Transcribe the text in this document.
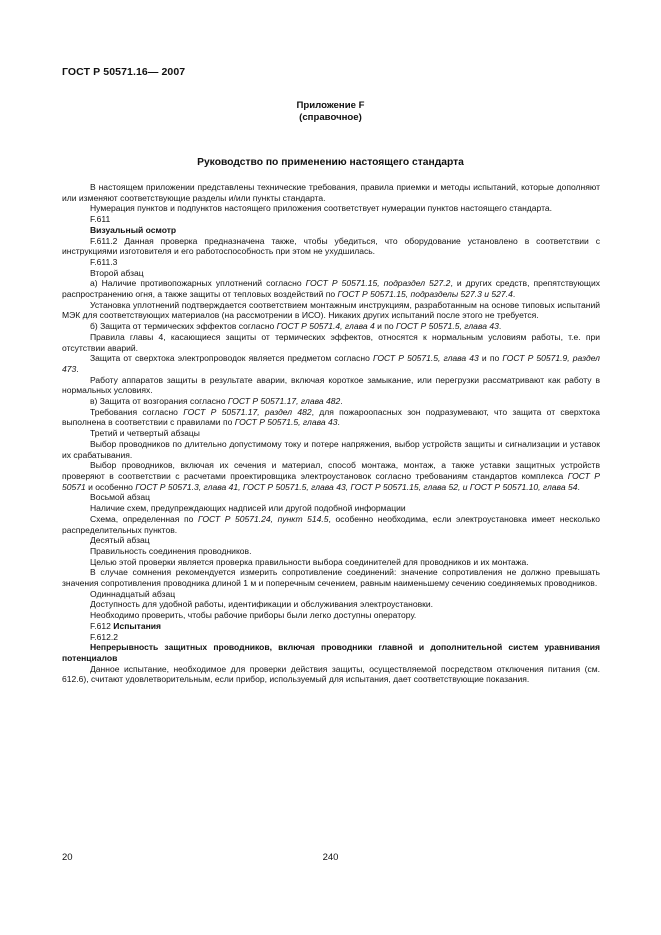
ГОСТ Р 50571.16— 2007
Приложение F
(справочное)
Руководство по применению настоящего стандарта

В настоящем приложении представлены технические требования, правила приемки и методы испытаний, которые дополняют или изменяют соответствующие разделы и/или пункты стандарта.

Нумерация пунктов и подпунктов настоящего приложения соответствует нумерации пунктов настоящего стандарта.

F.611

Визуальный осмотр

F.611.2 Данная проверка предназначена также, чтобы убедиться, что оборудование установлено в соответствии с инструкциями изготовителя и его работоспособность при этом не ухудшилась.

F.611.3

Второй абзац

а) Наличие противопожарных уплотнений согласно ГОСТ Р 50571.15, подраздел 527.2, и других средств, препятствующих распространению огня, а также защиты от тепловых воздействий по ГОСТ Р 50571.15, подразделы 527.3 и 527.4.

Установка уплотнений подтверждается соответствием монтажным инструкциям, разработанным на основе типовых испытаний МЭК для соответствующих материалов (на рассмотрении в ИСО). Никаких других испытаний после этого не требуется.

б) Защита от термических эффектов согласно ГОСТ Р 50571.4, глава 4 и по ГОСТ Р 50571.5, глава 43.

Правила главы 4, касающиеся защиты от термических эффектов, относятся к нормальным условиям работы, т.е. при отсутствии аварий.

Защита от сверхтока электропроводок является предметом согласно ГОСТ Р 50571.5, глава 43 и по ГОСТ Р 50571.9, раздел 473.

Работу аппаратов защиты в результате аварии, включая короткое замыкание, или перегрузки рассматривают как работу в нормальных условиях.

в) Защита от возгорания согласно ГОСТ Р 50571.17, глава 482.

Требования согласно ГОСТ Р 50571.17, раздел 482, для пожароопасных зон подразумевают, что защита от сверхтока выполнена в соответствии с правилами по ГОСТ Р 50571.5, глава 43.

Третий и четвертый абзацы

Выбор проводников по длительно допустимому току и потере напряжения, выбор устройств защиты и сигнализации и уставок их срабатывания.

Выбор проводников, включая их сечения и материал, способ монтажа, монтаж, а также уставки защитных устройств проверяют в соответствии с расчетами проектировщика электроустановок согласно требованиям стандартов комплекса ГОСТ Р 50571 и особенно ГОСТ Р 50571.3, глава 41, ГОСТ Р 50571.5, глава 43, ГОСТ Р 50571.15, глава 52, и ГОСТ Р 50571.10, глава 54.

Восьмой абзац

Наличие схем, предупреждающих надписей или другой подобной информации

Схема, определенная по ГОСТ Р 50571.24, пункт 514.5, особенно необходима, если электроустановка имеет несколько распределительных пунктов.

Десятый абзац

Правильность соединения проводников.

Целью этой проверки является проверка правильности выбора соединителей для проводников и их монтажа.

В случае сомнения рекомендуется измерить сопротивление соединений: значение сопротивления не должно превышать значения сопротивления проводника длиной 1 м и поперечным сечением, равным наименьшему сечению соединяемых проводников.

Одиннадцатый абзац

Доступность для удобной работы, идентификации и обслуживания электроустановки.

Необходимо проверить, чтобы рабочие приборы были легко доступны оператору.

F.612 Испытания

F.612.2

Непрерывность защитных проводников, включая проводники главной и дополнительной систем уравнивания потенциалов

Данное испытание, необходимое для проверки действия защиты, осуществляемой посредством отключения питания (см. 612.6), считают удовлетворительным, если прибор, используемый для испытания, дает соответствующие показания.

20	240
